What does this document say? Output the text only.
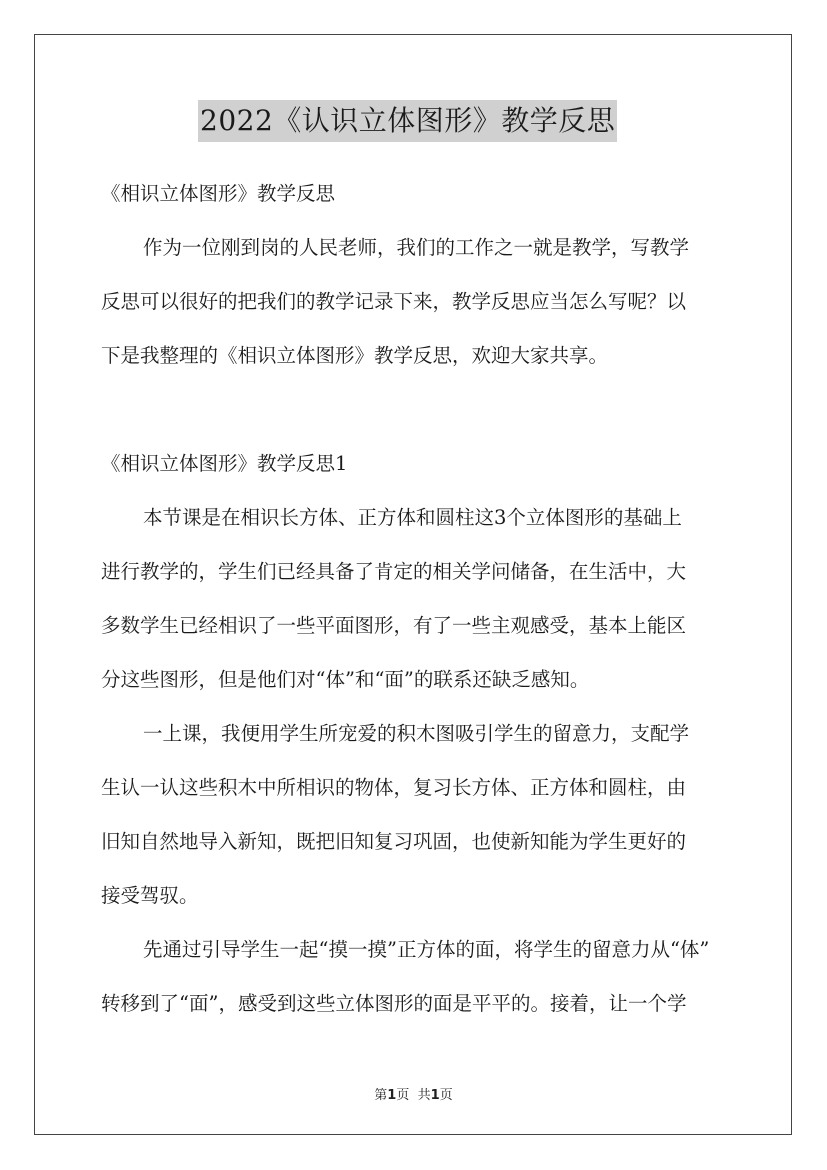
2022《认识立体图形》教学反思

《相识立体图形》教学反思

作为一位刚到岗的人民老师，我们的工作之一就是教学，写教学

反思可以很好的把我们的教学记录下来，教学反思应当怎么写呢？以

下是我整理的《相识立体图形》教学反思，欢迎大家共享。

《相识立体图形》教学反思1

本节课是在相识长方体、正方体和圆柱这3个立体图形的基础上

进行教学的，学生们已经具备了肯定的相关学问储备，在生活中，大

多数学生已经相识了一些平面图形，有了一些主观感受，基本上能区

分这些图形，但是他们对“体”和“面”的联系还缺乏感知。

一上课，我便用学生所宠爱的积木图吸引学生的留意力，支配学

生认一认这些积木中所相识的物体，复习长方体、正方体和圆柱，由

旧知自然地导入新知，既把旧知复习巩固，也使新知能为学生更好的

接受驾驭。

先通过引导学生一起“摸一摸”正方体的面，将学生的留意力从“体”

转移到了“面”，感受到这些立体图形的面是平平的。接着，让一个学

第1页 共1页
